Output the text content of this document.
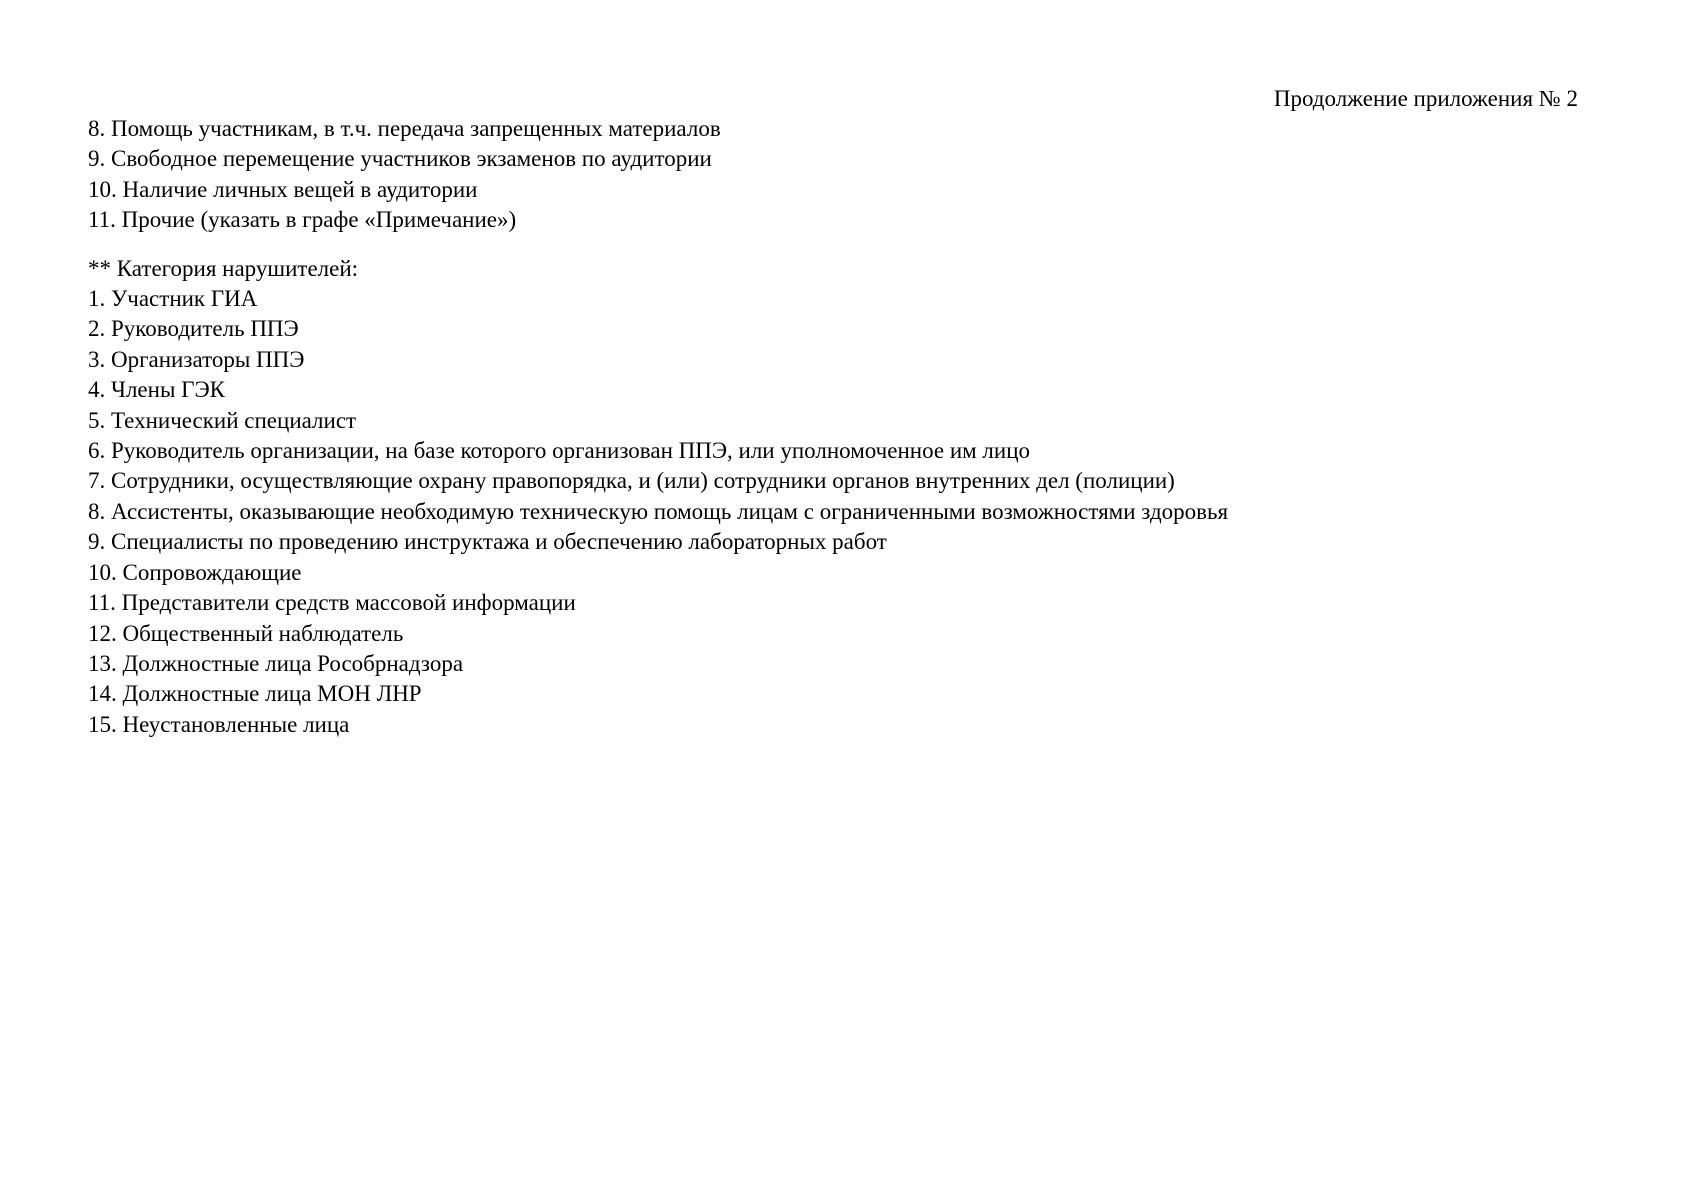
Продолжение приложения № 2
8. Помощь участникам, в т.ч. передача запрещенных материалов
9. Свободное перемещение участников экзаменов по аудитории
10. Наличие личных вещей в аудитории
11. Прочие (указать в графе «Примечание»)
** Категория нарушителей:
1. Участник ГИА
2. Руководитель ППЭ
3. Организаторы ППЭ
4. Члены ГЭК
5. Технический специалист
6. Руководитель организации, на базе которого организован ППЭ, или уполномоченное им лицо
7. Сотрудники, осуществляющие охрану правопорядка, и (или) сотрудники органов внутренних дел (полиции)
8. Ассистенты, оказывающие необходимую техническую помощь лицам с ограниченными возможностями здоровья
9. Специалисты по проведению инструктажа и обеспечению лабораторных работ
10. Сопровождающие
11. Представители средств массовой информации
12. Общественный наблюдатель
13. Должностные лица Рособрнадзора
14. Должностные лица МОН ЛНР
15. Неустановленные лица
